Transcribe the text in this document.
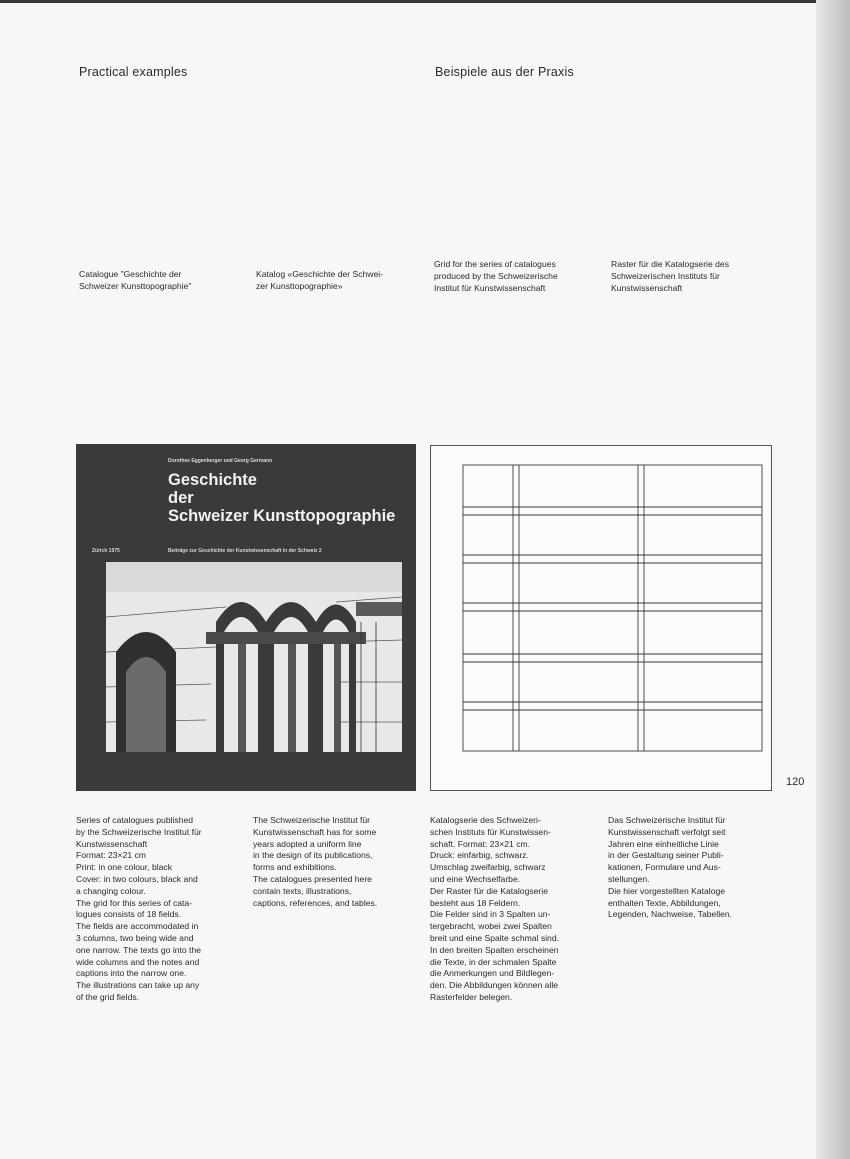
Practical examples	Beispiele aus der Praxis
Catalogue "Geschichte der
Schweizer Kunsttopographie"
Katalog «Geschichte der Schwei-
zer Kunsttopographie»
Grid for the series of catalogues
produced by the Schweizerische
Institut für Kunstwissenschaft
Raster für die Katalogserie des
Schweizerischen Instituts für
Kunstwissenschaft
Dorothee Eggenberger und Georg Germann
Geschichte
der
Schweizer Kunsttopographie
Zürich 1975	Beiträge zur Geschichte der Kunstwissenschaft in der Schweiz 2
120
Series of catalogues published
by the Schweizerische Institut für
Kunstwissenschaft
Format: 23×21 cm
Print: in one colour, black
Cover: in two colours, black and
a changing colour.
The grid for this series of cata-
logues consists of 18 fields.
The fields are accommodated in
3 columns, two being wide and
one narrow. The texts go into the
wide columns and the notes and
captions into the narrow one.
The illustrations can take up any
of the grid fields.
The Schweizerische Institut für
Kunstwissenschaft has for some
years adopted a uniform line
in the design of its publications,
forms and exhibitions.
The catalogues presented here
contain texts, illustrations,
captions, references, and tables.
Katalogserie des Schweizeri-
schen Instituts für Kunstwissen-
schaft. Format: 23×21 cm.
Druck: einfarbig, schwarz.
Umschlag zweifarbig, schwarz
und eine Wechselfarbe.
Der Raster für die Katalogserie
besteht aus 18 Feldern.
Die Felder sind in 3 Spalten un-
tergebracht, wobei zwei Spalten
breit und eine Spalte schmal sind.
In den breiten Spalten erscheinen
die Texte, in der schmalen Spalte
die Anmerkungen und Bildlegen-
den. Die Abbildungen können alle
Rasterfelder belegen.
Das Schweizerische Institut für
Kunstwissenschaft verfolgt seit
Jahren eine einheitliche Linie
in der Gestaltung seiner Publi-
kationen, Formulare und Aus-
stellungen.
Die hier vorgestellten Kataloge
enthalten Texte, Abbildungen,
Legenden, Nachweise, Tabellen.
